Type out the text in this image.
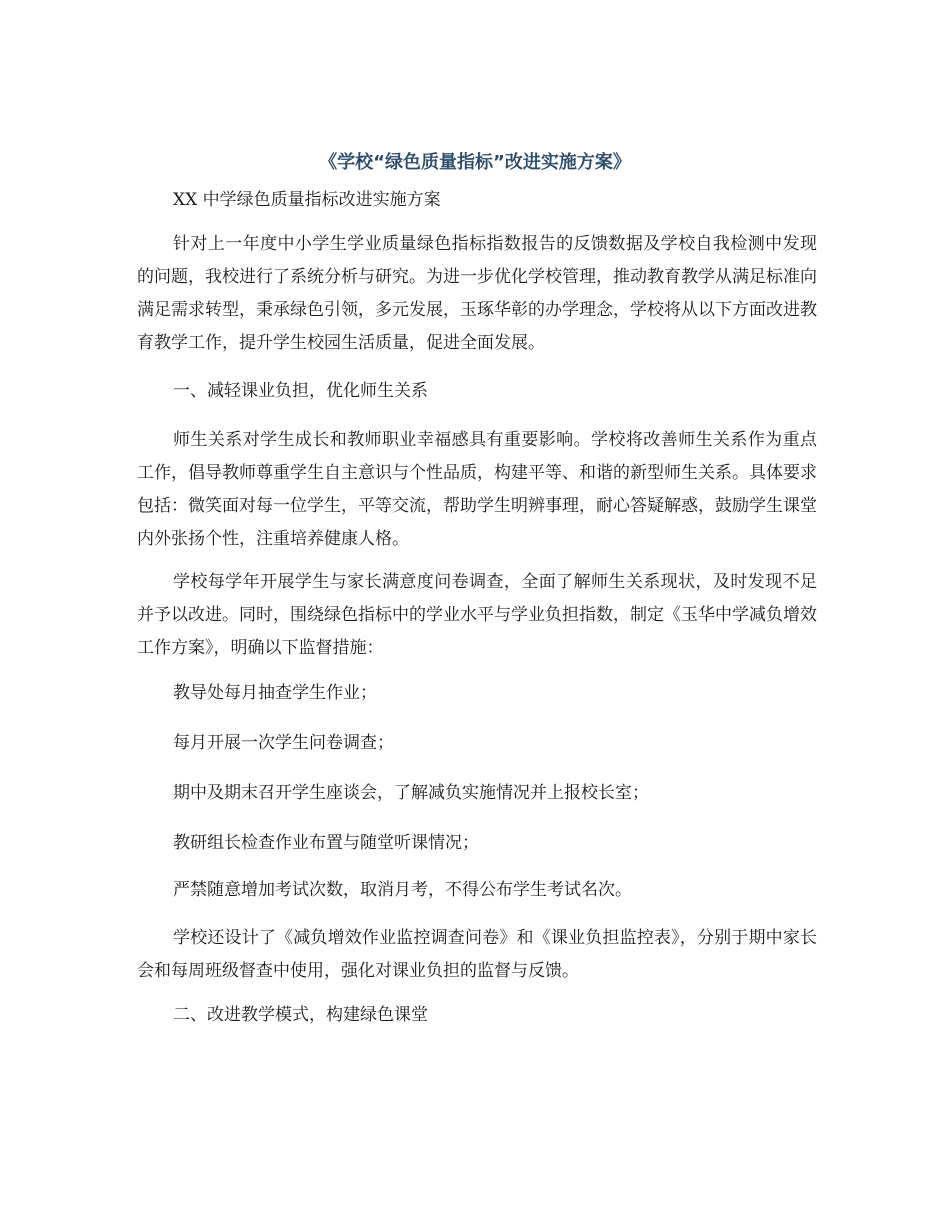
《学校“绿色质量指标”改进实施方案》
XX 中学绿色质量指标改进实施方案

针对上一年度中小学生学业质量绿色指标指数报告的反馈数据及学校自我检测中发现的问题，我校进行了系统分析与研究。为进一步优化学校管理，推动教育教学从满足标准向满足需求转型，秉承绿色引领，多元发展，玉琢华彰的办学理念，学校将从以下方面改进教育教学工作，提升学生校园生活质量，促进全面发展。

一、减轻课业负担，优化师生关系

师生关系对学生成长和教师职业幸福感具有重要影响。学校将改善师生关系作为重点工作，倡导教师尊重学生自主意识与个性品质，构建平等、和谐的新型师生关系。具体要求包括：微笑面对每一位学生，平等交流，帮助学生明辨事理，耐心答疑解惑，鼓励学生课堂内外张扬个性，注重培养健康人格。

学校每学年开展学生与家长满意度问卷调查，全面了解师生关系现状，及时发现不足并予以改进。同时，围绕绿色指标中的学业水平与学业负担指数，制定《玉华中学减负增效工作方案》，明确以下监督措施：

教导处每月抽查学生作业；
每月开展一次学生问卷调查；
期中及期末召开学生座谈会，了解减负实施情况并上报校长室；
教研组长检查作业布置与随堂听课情况；
严禁随意增加考试次数，取消月考，不得公布学生考试名次。

学校还设计了《减负增效作业监控调查问卷》和《课业负担监控表》，分别于期中家长会和每周班级督查中使用，强化对课业负担的监督与反馈。

二、改进教学模式，构建绿色课堂
